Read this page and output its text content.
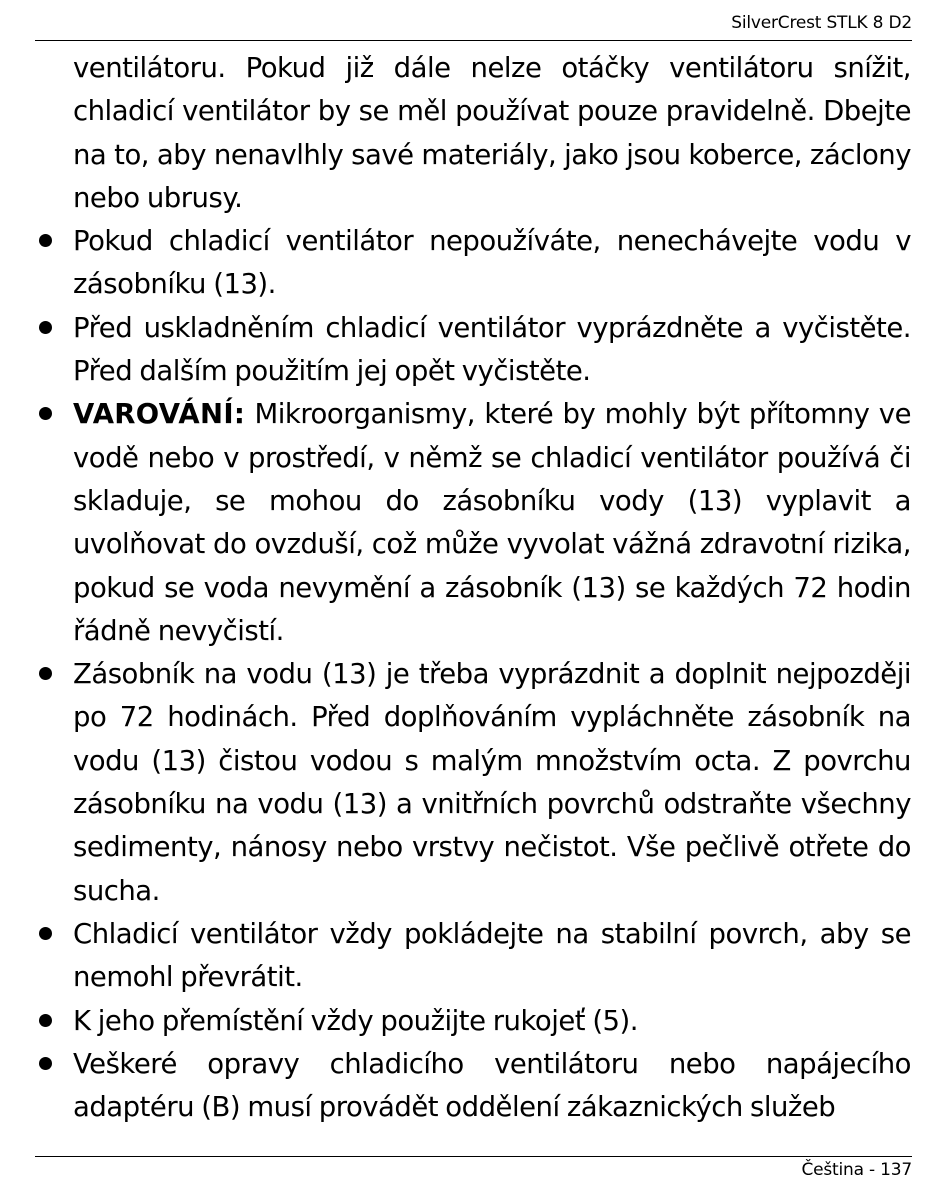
SilverCrest STLK 8 D2
ventilátoru. Pokud již dále nelze otáčky ventilátoru snížit, chladicí ventilátor by se měl používat pouze pravidelně. Dbejte na to, aby nenavlhly savé materiály, jako jsou koberce, záclony nebo ubrusy.
Pokud chladicí ventilátor nepoužíváte, nenechávejte vodu v zásobníku (13).
Před uskladněním chladicí ventilátor vyprázdněte a vyčistěte. Před dalším použitím jej opět vyčistěte.
VAROVÁNÍ: Mikroorganismy, které by mohly být přítomny ve vodě nebo v prostředí, v němž se chladicí ventilátor používá či skladuje, se mohou do zásobníku vody (13) vyplavit a uvolňovat do ovzduší, což může vyvolat vážná zdravotní rizika, pokud se voda nevymění a zásobník (13) se každých 72 hodin řádně nevyčistí.
Zásobník na vodu (13) je třeba vyprázdnit a doplnit nejpozději po 72 hodinách. Před doplňováním vypláchněte zásobník na vodu (13) čistou vodou s malým množstvím octa. Z povrchu zásobníku na vodu (13) a vnitřních povrchů odstraňte všechny sedimenty, nánosy nebo vrstvy nečistot. Vše pečlivě otřete do sucha.
Chladicí ventilátor vždy pokládejte na stabilní povrch, aby se nemohl převrátit.
K jeho přemístění vždy použijte rukojeť (5).
Veškeré opravy chladicího ventilátoru nebo napájecího adaptéru (B) musí provádět oddělení zákaznických služeb
Čeština - 137
